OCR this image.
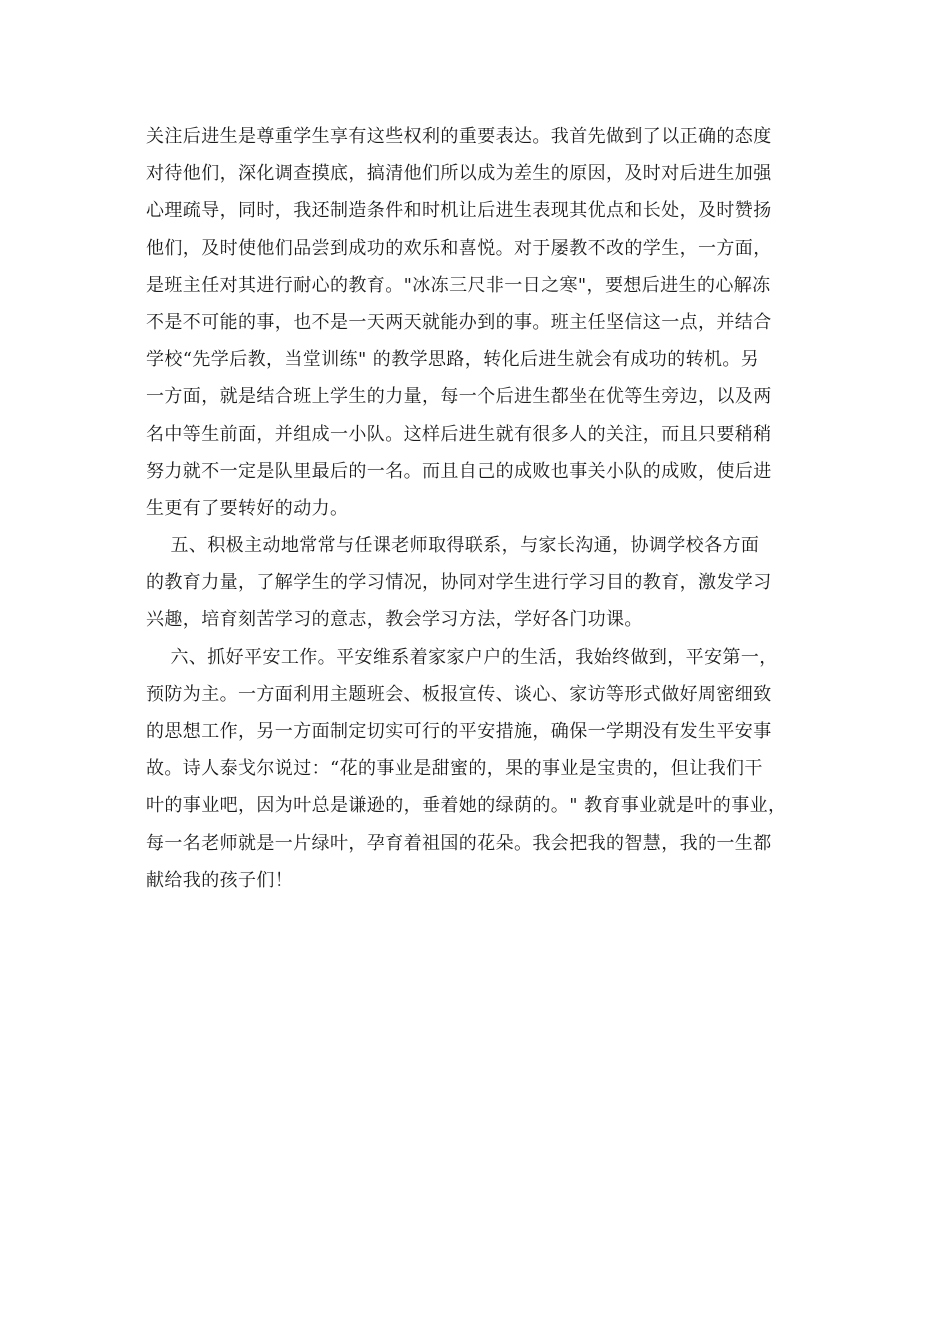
关注后进生是尊重学生享有这些权利的重要表达。我首先做到了以正确的态度
对待他们，深化调查摸底，搞清他们所以成为差生的原因，及时对后进生加强
心理疏导，同时，我还制造条件和时机让后进生表现其优点和长处，及时赞扬
他们，及时使他们品尝到成功的欢乐和喜悦。对于屡教不改的学生，一方面，
是班主任对其进行耐心的教育。"冰冻三尺非一日之寒"，要想后进生的心解冻
不是不可能的事，也不是一天两天就能办到的事。班主任坚信这一点，并结合
学校“先学后教，当堂训练" 的教学思路，转化后进生就会有成功的转机。另
一方面，就是结合班上学生的力量，每一个后进生都坐在优等生旁边，以及两
名中等生前面，并组成一小队。这样后进生就有很多人的关注，而且只要稍稍
努力就不一定是队里最后的一名。而且自己的成败也事关小队的成败，使后进
生更有了要转好的动力。
五、积极主动地常常与任课老师取得联系，与家长沟通，协调学校各方面
的教育力量，了解学生的学习情况，协同对学生进行学习目的教育，激发学习
兴趣，培育刻苦学习的意志，教会学习方法，学好各门功课。
六、抓好平安工作。平安维系着家家户户的生活，我始终做到，平安第一，
预防为主。一方面利用主题班会、板报宣传、谈心、家访等形式做好周密细致
的思想工作，另一方面制定切实可行的平安措施，确保一学期没有发生平安事
故。诗人泰戈尔说过：“花的事业是甜蜜的，果的事业是宝贵的，但让我们干
叶的事业吧，因为叶总是谦逊的，垂着她的绿荫的。" 教育事业就是叶的事业，
每一名老师就是一片绿叶，孕育着祖国的花朵。我会把我的智慧，我的一生都
献给我的孩子们！
